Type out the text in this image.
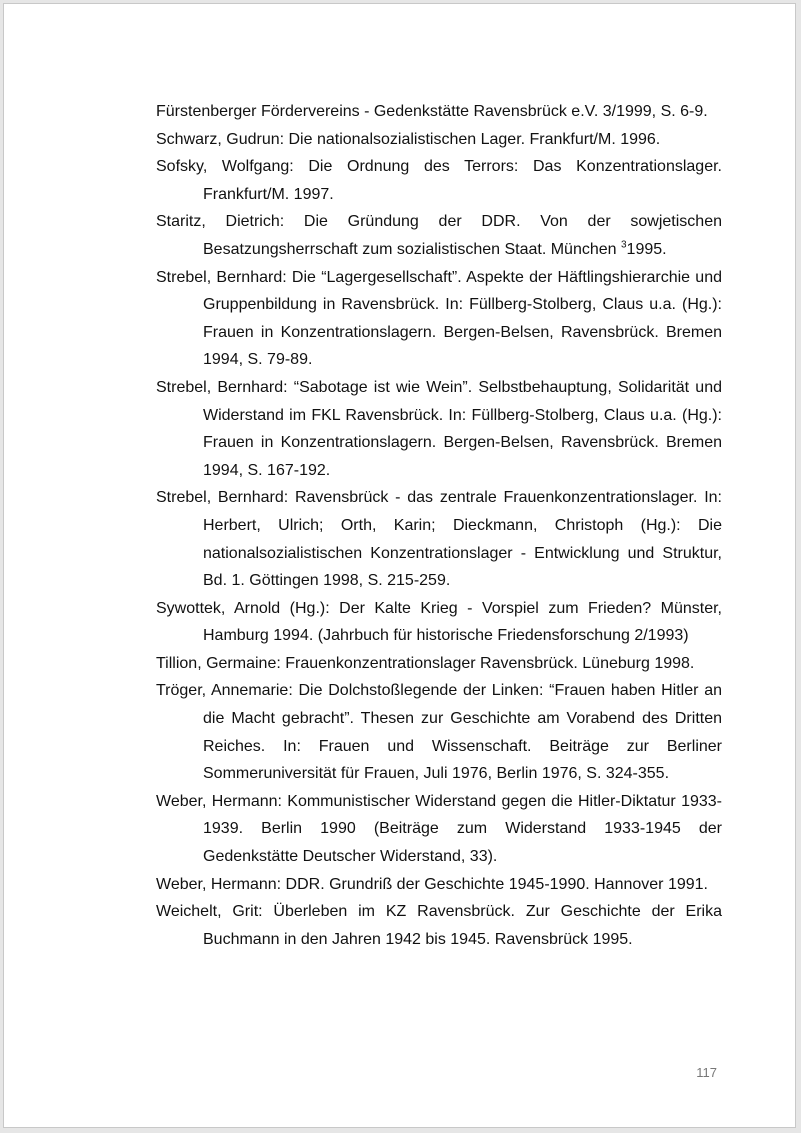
Fürstenberger Fördervereins - Gedenkstätte Ravensbrück e.V. 3/1999, S. 6-9.
Schwarz, Gudrun: Die nationalsozialistischen Lager. Frankfurt/M. 1996.
Sofsky, Wolfgang: Die Ordnung des Terrors: Das Konzentrationslager. Frankfurt/M. 1997.
Staritz, Dietrich: Die Gründung der DDR. Von der sowjetischen Besatzungsherrschaft zum sozialistischen Staat. München $^3$1995.
Strebel, Bernhard: Die “Lagergesellschaft”. Aspekte der Häftlingshierarchie und Gruppenbildung in Ravensbrück. In: Füllberg-Stolberg, Claus u.a. (Hg.): Frauen in Konzentrationslagern. Bergen-Belsen, Ravensbrück. Bremen 1994, S. 79-89.
Strebel, Bernhard: “Sabotage ist wie Wein”. Selbstbehauptung, Solidarität und Widerstand im FKL Ravensbrück. In: Füllberg-Stolberg, Claus u.a. (Hg.): Frauen in Konzentrationslagern. Bergen-Belsen, Ravensbrück. Bremen 1994, S. 167-192.
Strebel, Bernhard: Ravensbrück - das zentrale Frauenkonzentrationslager. In: Herbert, Ulrich; Orth, Karin; Dieckmann, Christoph (Hg.): Die nationalsozialistischen Konzentrationslager - Entwicklung und Struktur, Bd. 1. Göttingen 1998, S. 215-259.
Sywottek, Arnold (Hg.): Der Kalte Krieg - Vorspiel zum Frieden? Münster, Hamburg 1994. (Jahrbuch für historische Friedensforschung 2/1993)
Tillion, Germaine: Frauenkonzentrationslager Ravensbrück. Lüneburg 1998.
Tröger, Annemarie: Die Dolchstoßlegende der Linken: “Frauen haben Hitler an die Macht gebracht”. Thesen zur Geschichte am Vorabend des Dritten Reiches. In: Frauen und Wissenschaft. Beiträge zur Berliner Sommeruniversität für Frauen, Juli 1976, Berlin 1976, S. 324-355.
Weber, Hermann: Kommunistischer Widerstand gegen die Hitler-Diktatur 1933-1939. Berlin 1990 (Beiträge zum Widerstand 1933-1945 der Gedenkstätte Deutscher Widerstand, 33).
Weber, Hermann: DDR. Grundriß der Geschichte 1945-1990. Hannover 1991.
Weichelt, Grit: Überleben im KZ Ravensbrück. Zur Geschichte der Erika Buchmann in den Jahren 1942 bis 1945. Ravensbrück 1995.
117
